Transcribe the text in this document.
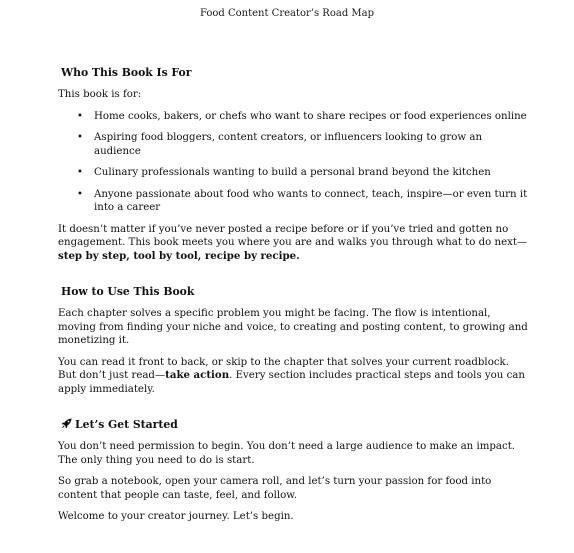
Food Content Creator’s Road Map
Who This Book Is For

This book is for:

• Home cooks, bakers, or chefs who want to share recipes or food experiences online
• Aspiring food bloggers, content creators, or influencers looking to grow an audience
• Culinary professionals wanting to build a personal brand beyond the kitchen
• Anyone passionate about food who wants to connect, teach, inspire—or even turn it into a career

It doesn’t matter if you’ve never posted a recipe before or if you’ve tried and gotten no engagement. This book meets you where you are and walks you through what to do next—step by step, tool by tool, recipe by recipe.

How to Use This Book

Each chapter solves a specific problem you might be facing. The flow is intentional, moving from finding your niche and voice, to creating and posting content, to growing and monetizing it.

You can read it front to back, or skip to the chapter that solves your current roadblock. But don’t just read—take action. Every section includes practical steps and tools you can apply immediately.

Let’s Get Started

You don’t need permission to begin. You don’t need a large audience to make an impact. The only thing you need to do is start.

So grab a notebook, open your camera roll, and let’s turn your passion for food into content that people can taste, feel, and follow.

Welcome to your creator journey. Let’s begin.
